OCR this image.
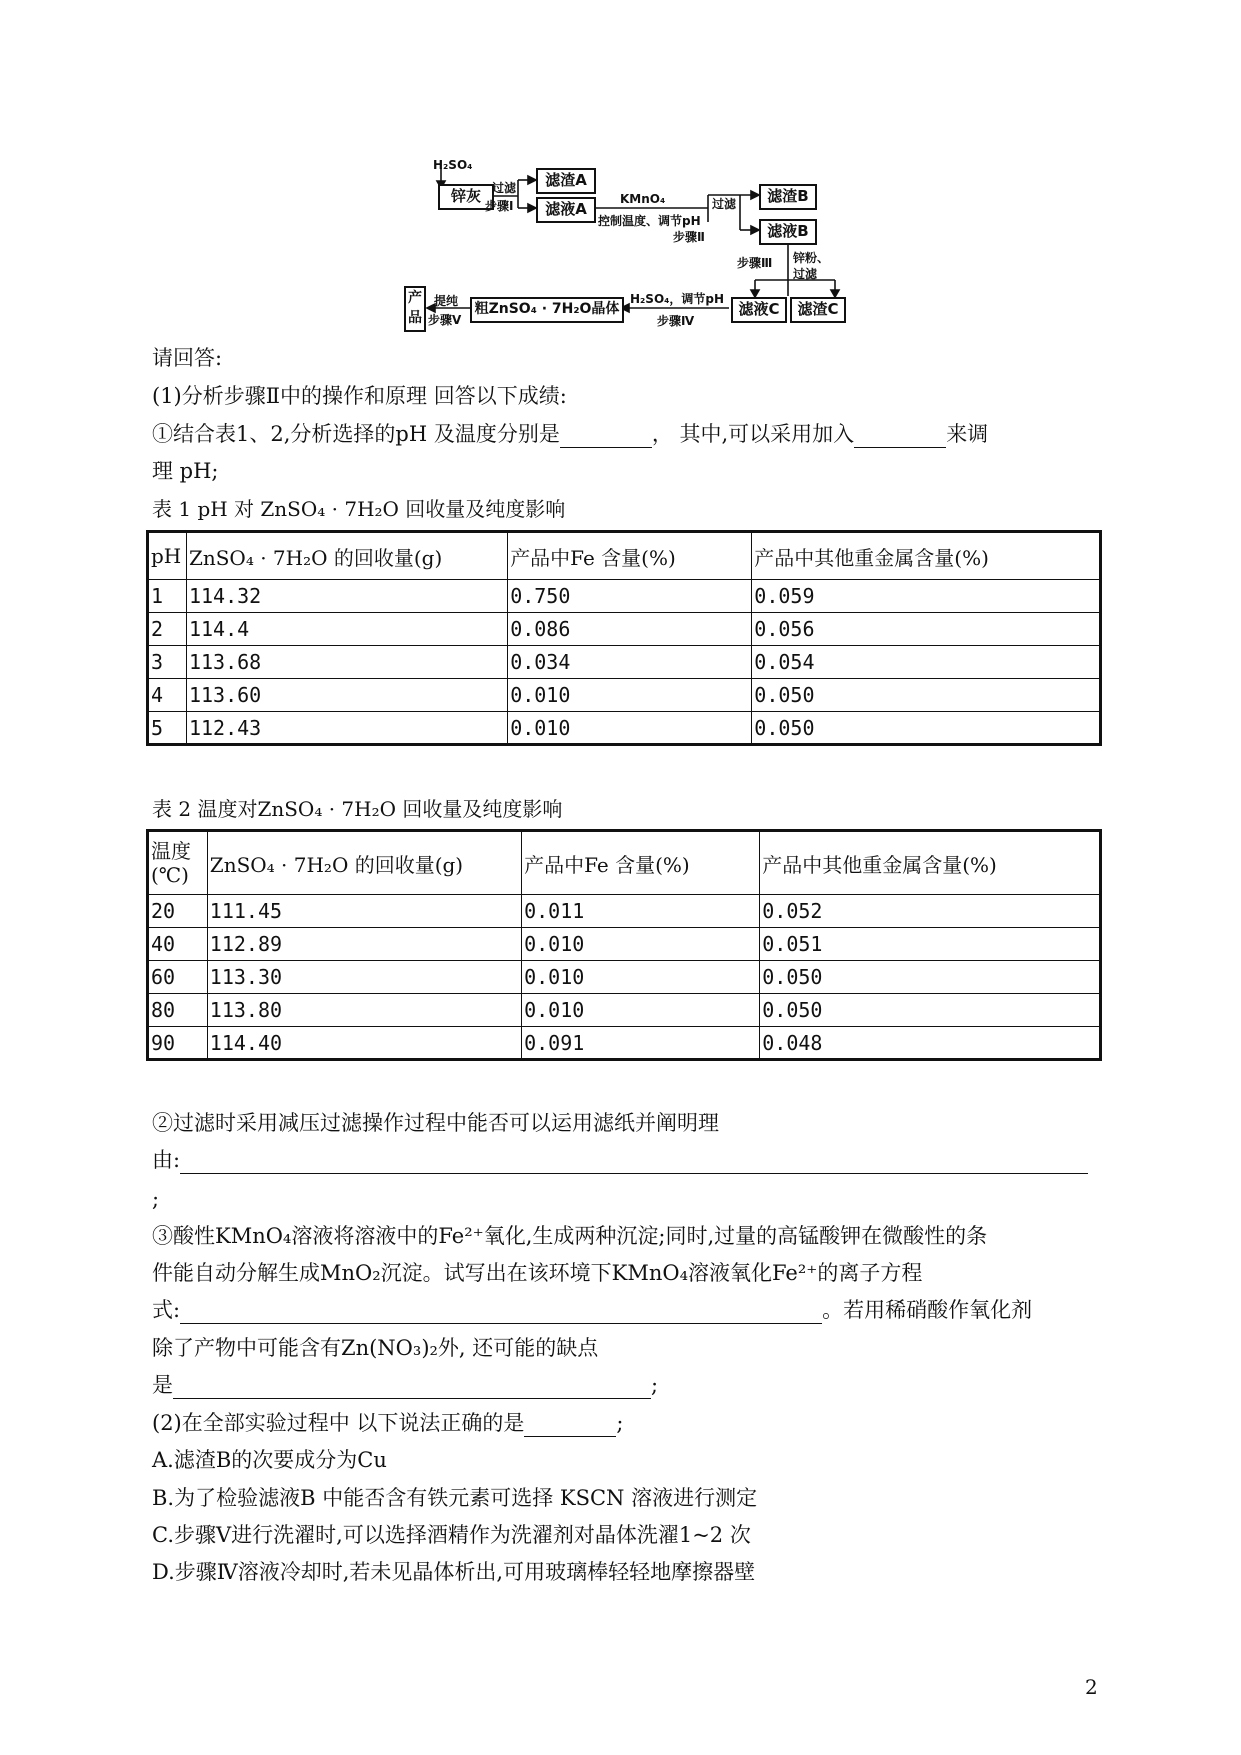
H₂SO₄
锌灰 过滤
步骤Ⅰ
滤渣A
滤液A
KMnO₄
控制温度、调节pH
步骤Ⅱ
过滤	滤渣B
滤液B
步骤Ⅲ 锌粉、过滤
滤液C	滤渣C
H₂SO₄，调节pH
步骤Ⅳ
粗ZnSO₄ · 7H₂O晶体
提纯
步骤Ⅴ
产品
请回答:
(1)分析步骤Ⅱ中的操作和原理 回答以下成绩:
①结合表1、2,分析选择的pH 及温度分别是	， 其中,可以采用加入	来调
理 pH;
表 1 pH 对 ZnSO₄ · 7H₂O 回收量及纯度影响
pH	ZnSO₄ · 7H₂O 的回收量(g)	产品中Fe 含量(%)	产品中其他重金属含量(%)
1	114.32	0.750	0.059
2	114.4	0.086	0.056
3	113.68	0.034	0.054
4	113.60	0.010	0.050
5	112.43	0.010	0.050
表 2 温度对ZnSO₄ · 7H₂O 回收量及纯度影响
温度
(℃)	ZnSO₄ · 7H₂O 的回收量(g)	产品中Fe 含量(%)	产品中其他重金属含量(%)
20	111.45	0.011	0.052
40	112.89	0.010	0.051
60	113.30	0.010	0.050
80	113.80	0.010	0.050
90	114.40	0.091	0.048
②过滤时采用减压过滤操作过程中能否可以运用滤纸并阐明理
由:
;
③酸性KMnO₄溶液将溶液中的Fe²⁺氧化,生成两种沉淀;同时,过量的高锰酸钾在微酸性的条
件能自动分解生成MnO₂沉淀。试写出在该环境下KMnO₄溶液氧化Fe²⁺的离子方程
式:	。若用稀硝酸作氧化剂
除了产物中可能含有Zn(NO₃)₂外, 还可能的缺点
是	;
(2)在全部实验过程中 以下说法正确的是	;
A.滤渣B的次要成分为Cu
B.为了检验滤液B 中能否含有铁元素可选择 KSCN 溶液进行测定
C.步骤V进行洗濯时,可以选择酒精作为洗濯剂对晶体洗濯1~2 次
D.步骤Ⅳ溶液冷却时,若未见晶体析出,可用玻璃棒轻轻地摩擦器壁
2
